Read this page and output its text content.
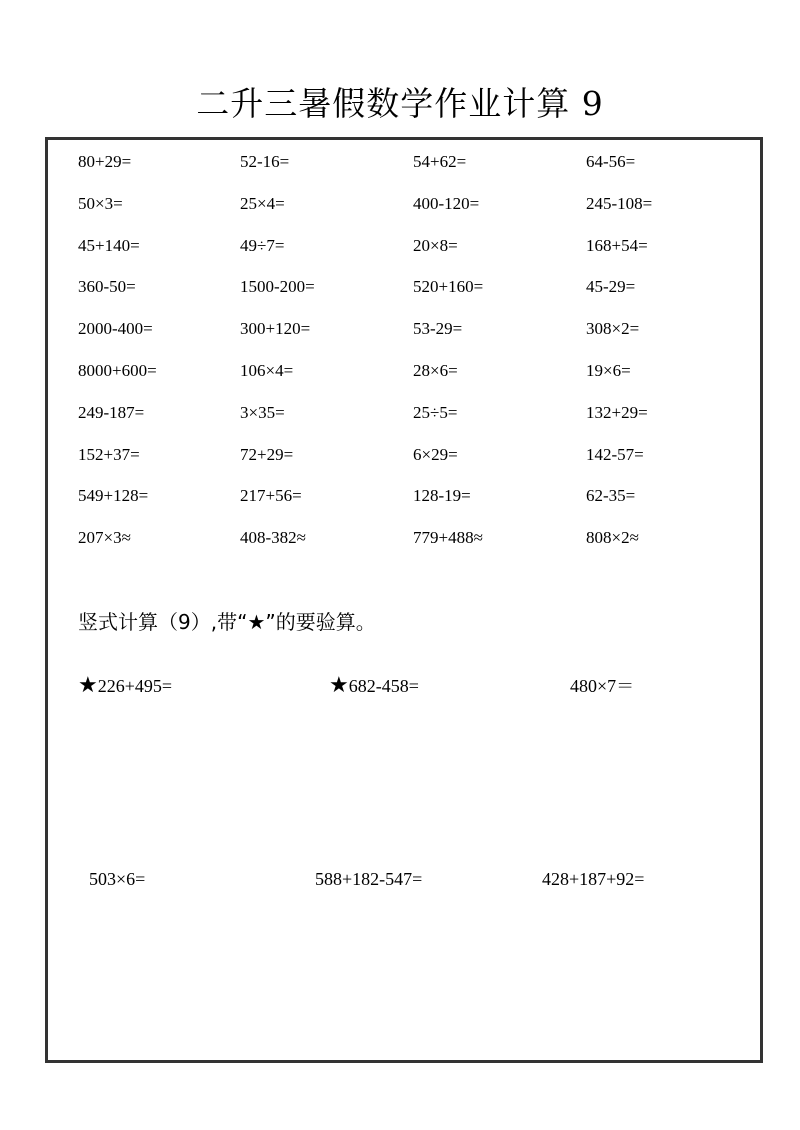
二升三暑假数学作业计算 9
80+29=	52-16=	54+62=	64-56=
50×3=	25×4=	400-120=	245-108=
45+140=	49÷7=	20×8=	168+54=
360-50=	1500-200=	520+160=	45-29=
2000-400=	300+120=	53-29=	308×2=
8000+600=	106×4=	28×6=	19×6=
249-187=	3×35=	25÷5=	132+29=
152+37=	72+29=	6×29=	142-57=
549+128=	217+56=	128-19=	62-35=
207×3≈	408-382≈	779+488≈	808×2≈
竖式计算（9）,带“★”的要验算。
★226+495=	★682-458=	480×7＝
503×6=	588+182-547=	428+187+92=
